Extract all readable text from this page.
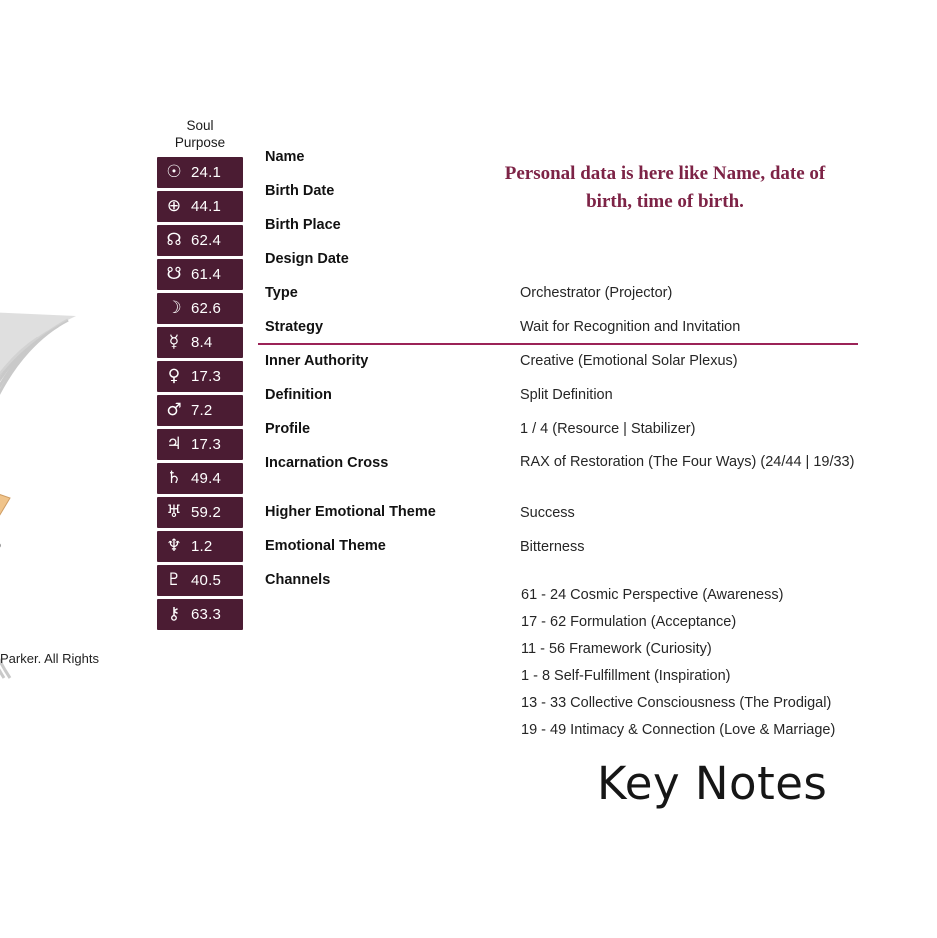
Parker. All Rights
Soul
Purpose
☉ 24.1
⊕ 44.1
☊ 62.4
☋ 61.4
☽ 62.6
☿ 8.4
♀ 17.3
♂ 7.2
♃ 17.3
♄ 49.4
♅ 59.2
♆ 1.2
♇ 40.5
⚷ 63.3
Name
Birth Date
Birth Place
Design Date
Type	Orchestrator (Projector)
Strategy	Wait for Recognition and Invitation
Inner Authority	Creative (Emotional Solar Plexus)
Definition	Split Definition
Profile	1 / 4 (Resource | Stabilizer)
Incarnation Cross	RAX of Restoration (The Four Ways) (24/44 | 19/33)
Higher Emotional Theme	Success
Emotional Theme	Bitterness
Channels
61 - 24 Cosmic Perspective (Awareness)
17 - 62 Formulation (Acceptance)
11 - 56 Framework (Curiosity)
1 - 8 Self-Fulfillment (Inspiration)
13 - 33 Collective Consciousness (The Prodigal)
19 - 49 Intimacy & Connection (Love & Marriage)
Personal data is here like Name, date of birth, time of birth.
Key Notes
